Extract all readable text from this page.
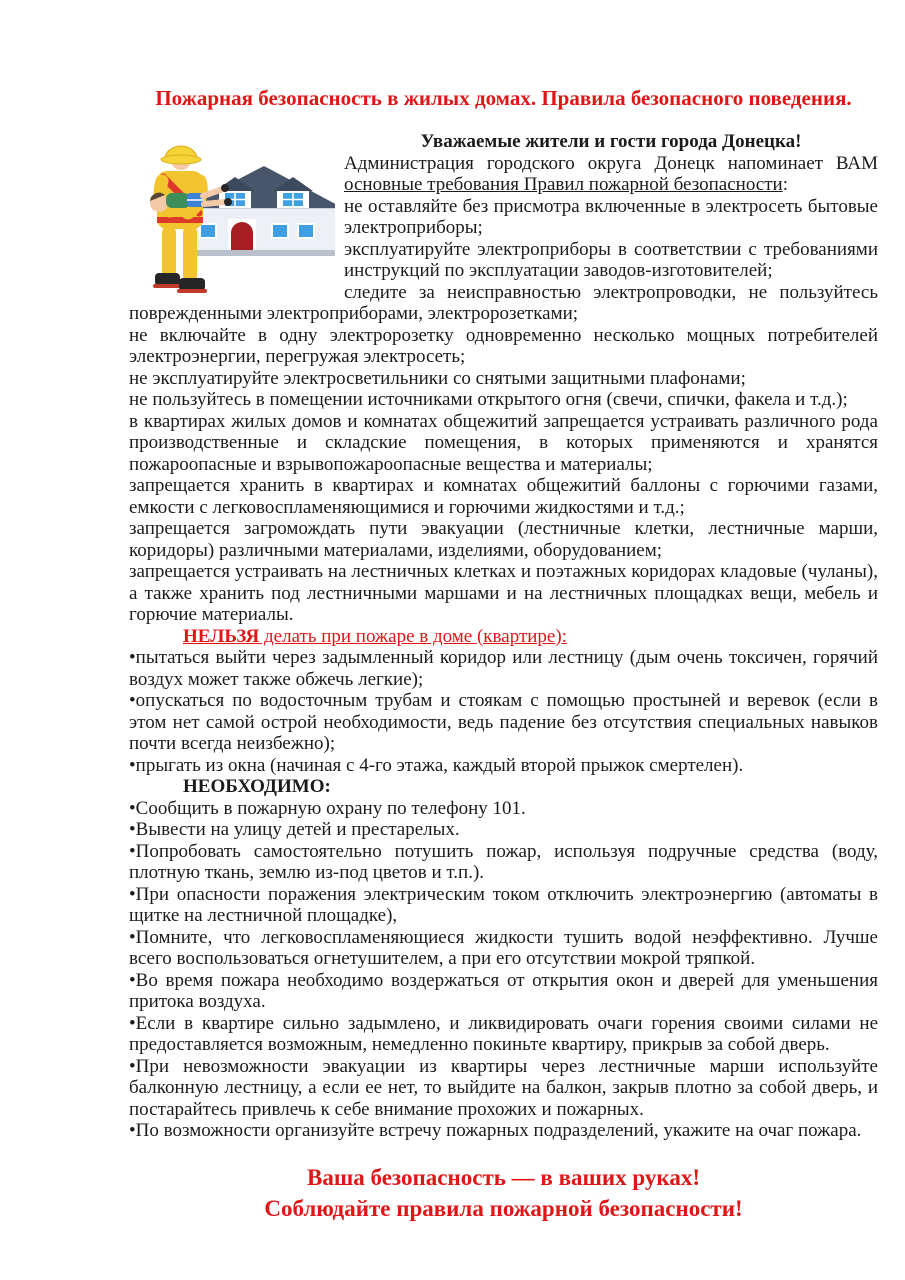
Пожарная безопасность в жилых домах. Правила безопасного поведения.

Уважаемые жители и гости города Донецка!

Администрация городского округа Донецк напоминает ВАМ основные требования Правил пожарной безопасности:

не оставляйте без присмотра включенные в электросеть бытовые электроприборы;

эксплуатируйте электроприборы в соответствии с требованиями инструкций по эксплуатации заводов-изготовителей;

следите за неисправностью электропроводки, не пользуйтесь поврежденными электроприборами, электророзетками;

не включайте в одну электророзетку одновременно несколько мощных потребителей электроэнергии, перегружая электросеть;

не эксплуатируйте электросветильники со снятыми защитными плафонами;

не пользуйтесь в помещении источниками открытого огня (свечи, спички, факела и т.д.);

в квартирах жилых домов и комнатах общежитий запрещается устраивать различного рода производственные и складские помещения, в которых применяются и хранятся пожароопасные и взрывопожароопасные вещества и материалы;

запрещается хранить в квартирах и комнатах общежитий баллоны с горючими газами, емкости с легковоспламеняющимися и горючими жидкостями и т.д.;

запрещается загромождать пути эвакуации (лестничные клетки, лестничные марши, коридоры) различными материалами, изделиями, оборудованием;

запрещается устраивать на лестничных клетках и поэтажных коридорах кладовые (чуланы), а также хранить под лестничными маршами и на лестничных площадках вещи, мебель и горючие материалы.

НЕЛЬЗЯ делать при пожаре в доме (квартире):

•пытаться выйти через задымленный коридор или лестницу (дым очень токсичен, горячий воздух может также обжечь легкие);

•опускаться по водосточным трубам и стоякам с помощью простыней и веревок (если в этом нет самой острой необходимости, ведь падение без отсутствия специальных навыков почти всегда неизбежно);

•прыгать из окна (начиная с 4-го этажа, каждый второй прыжок смертелен).

НЕОБХОДИМО:

•Сообщить в пожарную охрану по телефону 101.

•Вывести на улицу детей и престарелых.

•Попробовать самостоятельно потушить пожар, используя подручные средства (воду, плотную ткань, землю из-под цветов и т.п.).

•При опасности поражения электрическим током отключить электроэнергию (автоматы в щитке на лестничной площадке),

•Помните, что легковоспламеняющиеся жидкости тушить водой неэффективно. Лучше всего воспользоваться огнетушителем, а при его отсутствии мокрой тряпкой.

•Во время пожара необходимо воздержаться от открытия окон и дверей для уменьшения притока воздуха.

•Если в квартире сильно задымлено, и ликвидировать очаги горения своими силами не предоставляется возможным, немедленно покиньте квартиру, прикрыв за собой дверь.

•При невозможности эвакуации из квартиры через лестничные марши используйте балконную лестницу, а если ее нет, то выйдите на балкон, закрыв плотно за собой дверь, и постарайтесь привлечь к себе внимание прохожих и пожарных.

•По возможности организуйте встречу пожарных подразделений, укажите на очаг пожара.

Ваша безопасность — в ваших руках!
Соблюдайте правила пожарной безопасности!
